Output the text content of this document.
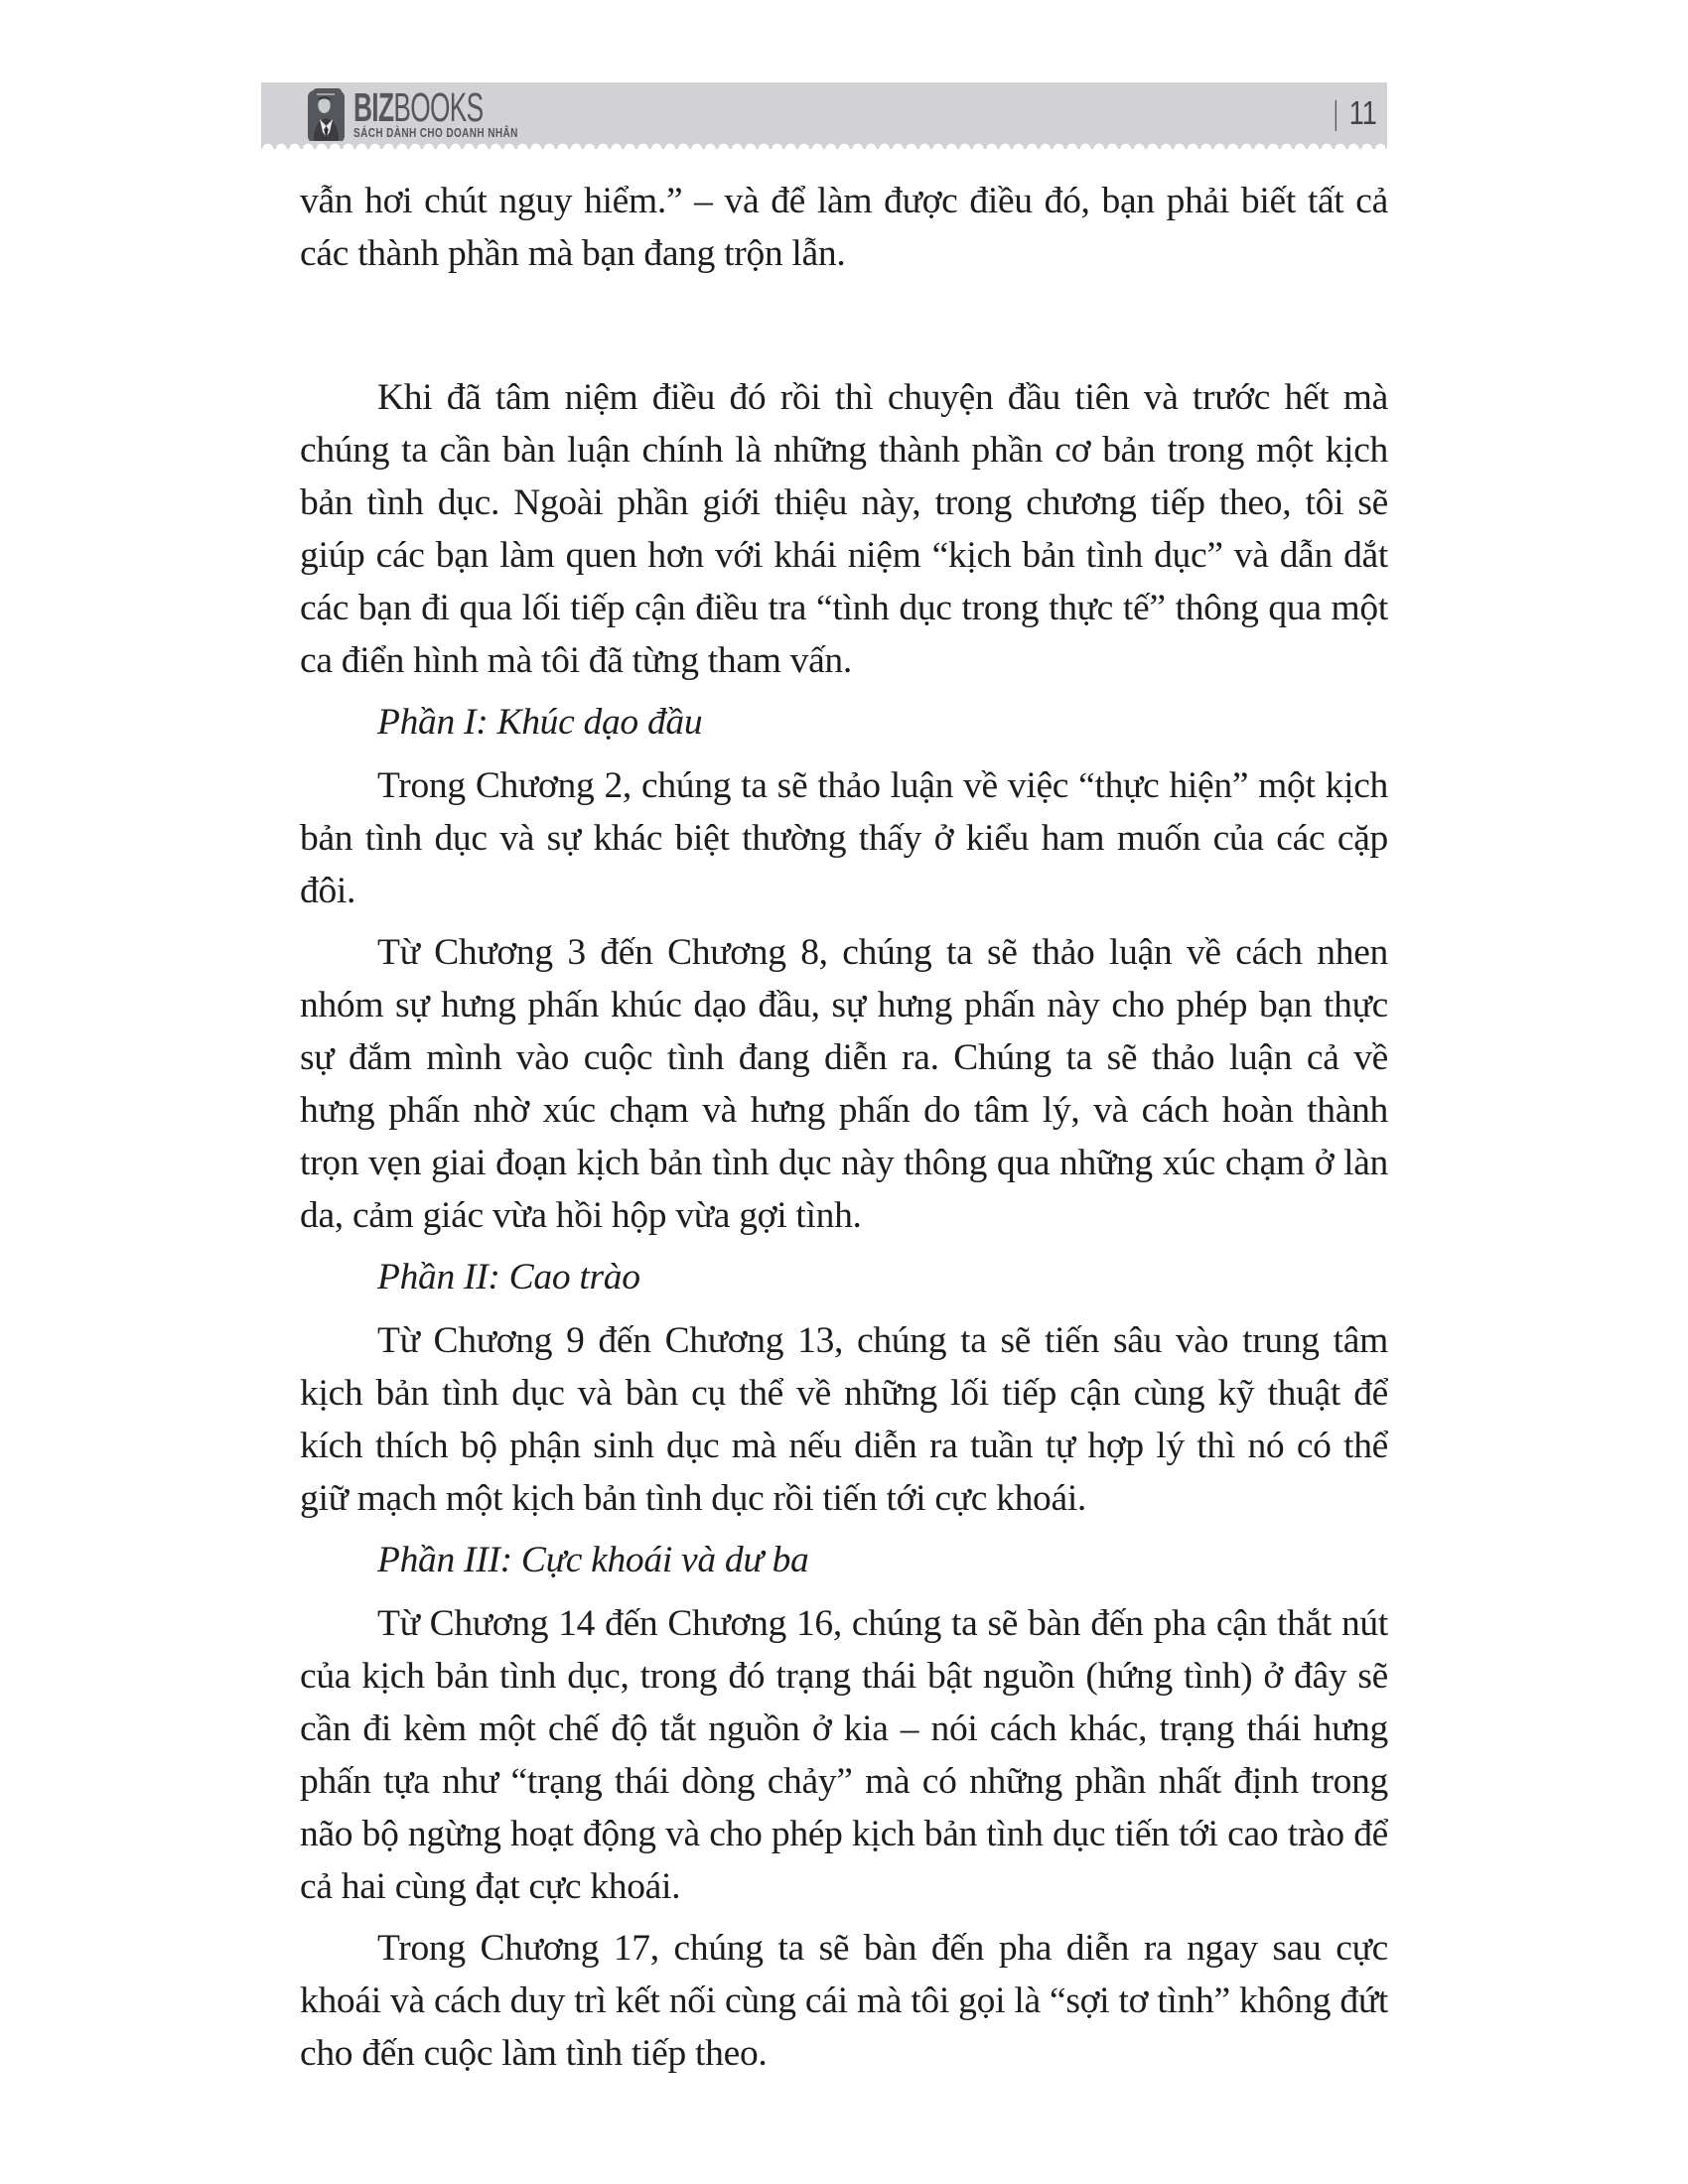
BIZBOOKS
SÁCH DÀNH CHO DOANH NHÂN
| 11

vẫn hơi chút nguy hiểm.” – và để làm được điều đó, bạn phải biết tất cả các thành phần mà bạn đang trộn lẫn.

Khi đã tâm niệm điều đó rồi thì chuyện đầu tiên và trước hết mà chúng ta cần bàn luận chính là những thành phần cơ bản trong một kịch bản tình dục. Ngoài phần giới thiệu này, trong chương tiếp theo, tôi sẽ giúp các bạn làm quen hơn với khái niệm “kịch bản tình dục” và dẫn dắt các bạn đi qua lối tiếp cận điều tra “tình dục trong thực tế” thông qua một ca điển hình mà tôi đã từng tham vấn.

Phần I: Khúc dạo đầu

Trong Chương 2, chúng ta sẽ thảo luận về việc “thực hiện” một kịch bản tình dục và sự khác biệt thường thấy ở kiểu ham muốn của các cặp đôi.

Từ Chương 3 đến Chương 8, chúng ta sẽ thảo luận về cách nhen nhóm sự hưng phấn khúc dạo đầu, sự hưng phấn này cho phép bạn thực sự đắm mình vào cuộc tình đang diễn ra. Chúng ta sẽ thảo luận cả về hưng phấn nhờ xúc chạm và hưng phấn do tâm lý, và cách hoàn thành trọn vẹn giai đoạn kịch bản tình dục này thông qua những xúc chạm ở làn da, cảm giác vừa hồi hộp vừa gợi tình.

Phần II: Cao trào

Từ Chương 9 đến Chương 13, chúng ta sẽ tiến sâu vào trung tâm kịch bản tình dục và bàn cụ thể về những lối tiếp cận cùng kỹ thuật để kích thích bộ phận sinh dục mà nếu diễn ra tuần tự hợp lý thì nó có thể giữ mạch một kịch bản tình dục rồi tiến tới cực khoái.

Phần III: Cực khoái và dư ba

Từ Chương 14 đến Chương 16, chúng ta sẽ bàn đến pha cận thắt nút của kịch bản tình dục, trong đó trạng thái bật nguồn (hứng tình) ở đây sẽ cần đi kèm một chế độ tắt nguồn ở kia – nói cách khác, trạng thái hưng phấn tựa như “trạng thái dòng chảy” mà có những phần nhất định trong não bộ ngừng hoạt động và cho phép kịch bản tình dục tiến tới cao trào để cả hai cùng đạt cực khoái.

Trong Chương 17, chúng ta sẽ bàn đến pha diễn ra ngay sau cực khoái và cách duy trì kết nối cùng cái mà tôi gọi là “sợi tơ tình” không đứt cho đến cuộc làm tình tiếp theo.
